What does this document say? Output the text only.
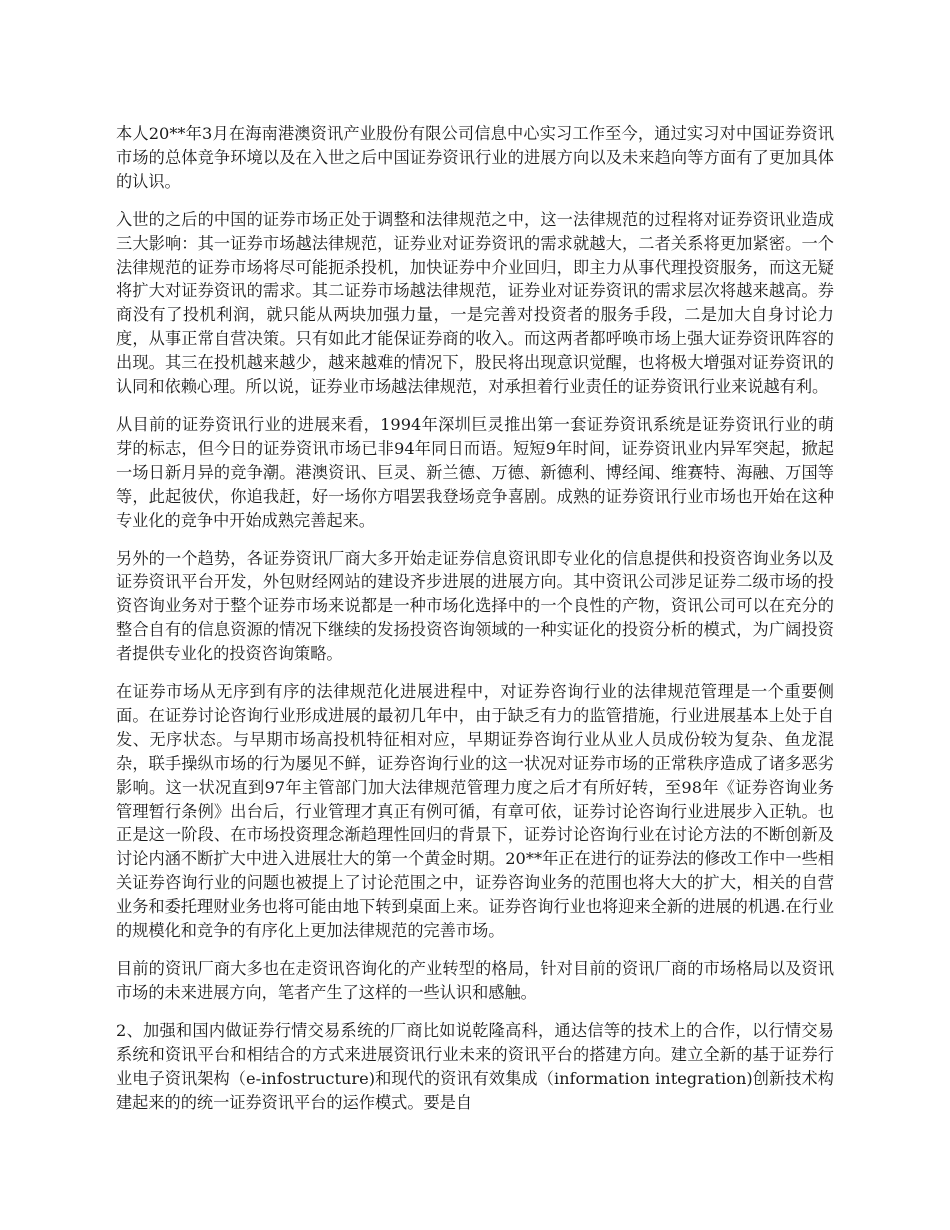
本人20**年3月在海南港澳资讯产业股份有限公司信息中心实习工作至今，通过实习对中国证券资讯市场的总体竞争环境以及在入世之后中国证券资讯行业的进展方向以及未来趋向等方面有了更加具体的认识。

入世的之后的中国的证券市场正处于调整和法律规范之中，这一法律规范的过程将对证券资讯业造成三大影响：其一证券市场越法律规范，证券业对证券资讯的需求就越大，二者关系将更加紧密。一个法律规范的证券市场将尽可能扼杀投机，加快证券中介业回归，即主力从事代理投资服务，而这无疑将扩大对证券资讯的需求。其二证券市场越法律规范，证券业对证券资讯的需求层次将越来越高。券商没有了投机利润，就只能从两块加强力量，一是完善对投资者的服务手段，二是加大自身讨论力度，从事正常自营决策。只有如此才能保证券商的收入。而这两者都呼唤市场上强大证券资讯阵容的出现。其三在投机越来越少，越来越难的情况下，股民将出现意识觉醒，也将极大增强对证券资讯的认同和依赖心理。所以说，证券业市场越法律规范，对承担着行业责任的证券资讯行业来说越有利。

从目前的证券资讯行业的进展来看，1994年深圳巨灵推出第一套证券资讯系统是证券资讯行业的萌芽的标志，但今日的证券资讯市场已非94年同日而语。短短9年时间，证券资讯业内异军突起，掀起一场日新月异的竞争潮。港澳资讯、巨灵、新兰德、万德、新德利、博经闻、维赛特、海融、万国等等，此起彼伏，你追我赶，好一场你方唱罢我登场竞争喜剧。成熟的证券资讯行业市场也开始在这种专业化的竞争中开始成熟完善起来。

另外的一个趋势，各证券资讯厂商大多开始走证券信息资讯即专业化的信息提供和投资咨询业务以及证券资讯平台开发，外包财经网站的建设齐步进展的进展方向。其中资讯公司涉足证券二级市场的投资咨询业务对于整个证券市场来说都是一种市场化选择中的一个良性的产物，资讯公司可以在充分的整合自有的信息资源的情况下继续的发扬投资咨询领域的一种实证化的投资分析的模式，为广阔投资者提供专业化的投资咨询策略。

在证券市场从无序到有序的法律规范化进展进程中，对证券咨询行业的法律规范管理是一个重要侧面。在证券讨论咨询行业形成进展的最初几年中，由于缺乏有力的监管措施，行业进展基本上处于自发、无序状态。与早期市场高投机特征相对应，早期证券咨询行业从业人员成份较为复杂、鱼龙混杂，联手操纵市场的行为屡见不鲜，证券咨询行业的这一状况对证券市场的正常秩序造成了诸多恶劣影响。这一状况直到97年主管部门加大法律规范管理力度之后才有所好转，至98年《证券咨询业务管理暂行条例》出台后，行业管理才真正有例可循，有章可依，证券讨论咨询行业进展步入正轨。也正是这一阶段、在市场投资理念渐趋理性回归的背景下，证券讨论咨询行业在讨论方法的不断创新及讨论内涵不断扩大中进入进展壮大的第一个黄金时期。20**年正在进行的证券法的修改工作中一些相关证券咨询行业的问题也被提上了讨论范围之中，证券咨询业务的范围也将大大的扩大，相关的自营业务和委托理财业务也将可能由地下转到桌面上来。证券咨询行业也将迎来全新的进展的机遇.在行业的规模化和竞争的有序化上更加法律规范的完善市场。

目前的资讯厂商大多也在走资讯咨询化的产业转型的格局，针对目前的资讯厂商的市场格局以及资讯市场的未来进展方向，笔者产生了这样的一些认识和感触。

2、加强和国内做证券行情交易系统的厂商比如说乾隆高科，通达信等的技术上的合作，以行情交易系统和资讯平台和相结合的方式来进展资讯行业未来的资讯平台的搭建方向。建立全新的基于证券行业电子资讯架构（e-infostructure)和现代的资讯有效集成（information integration)创新技术构建起来的的统一证券资讯平台的运作模式。要是自
